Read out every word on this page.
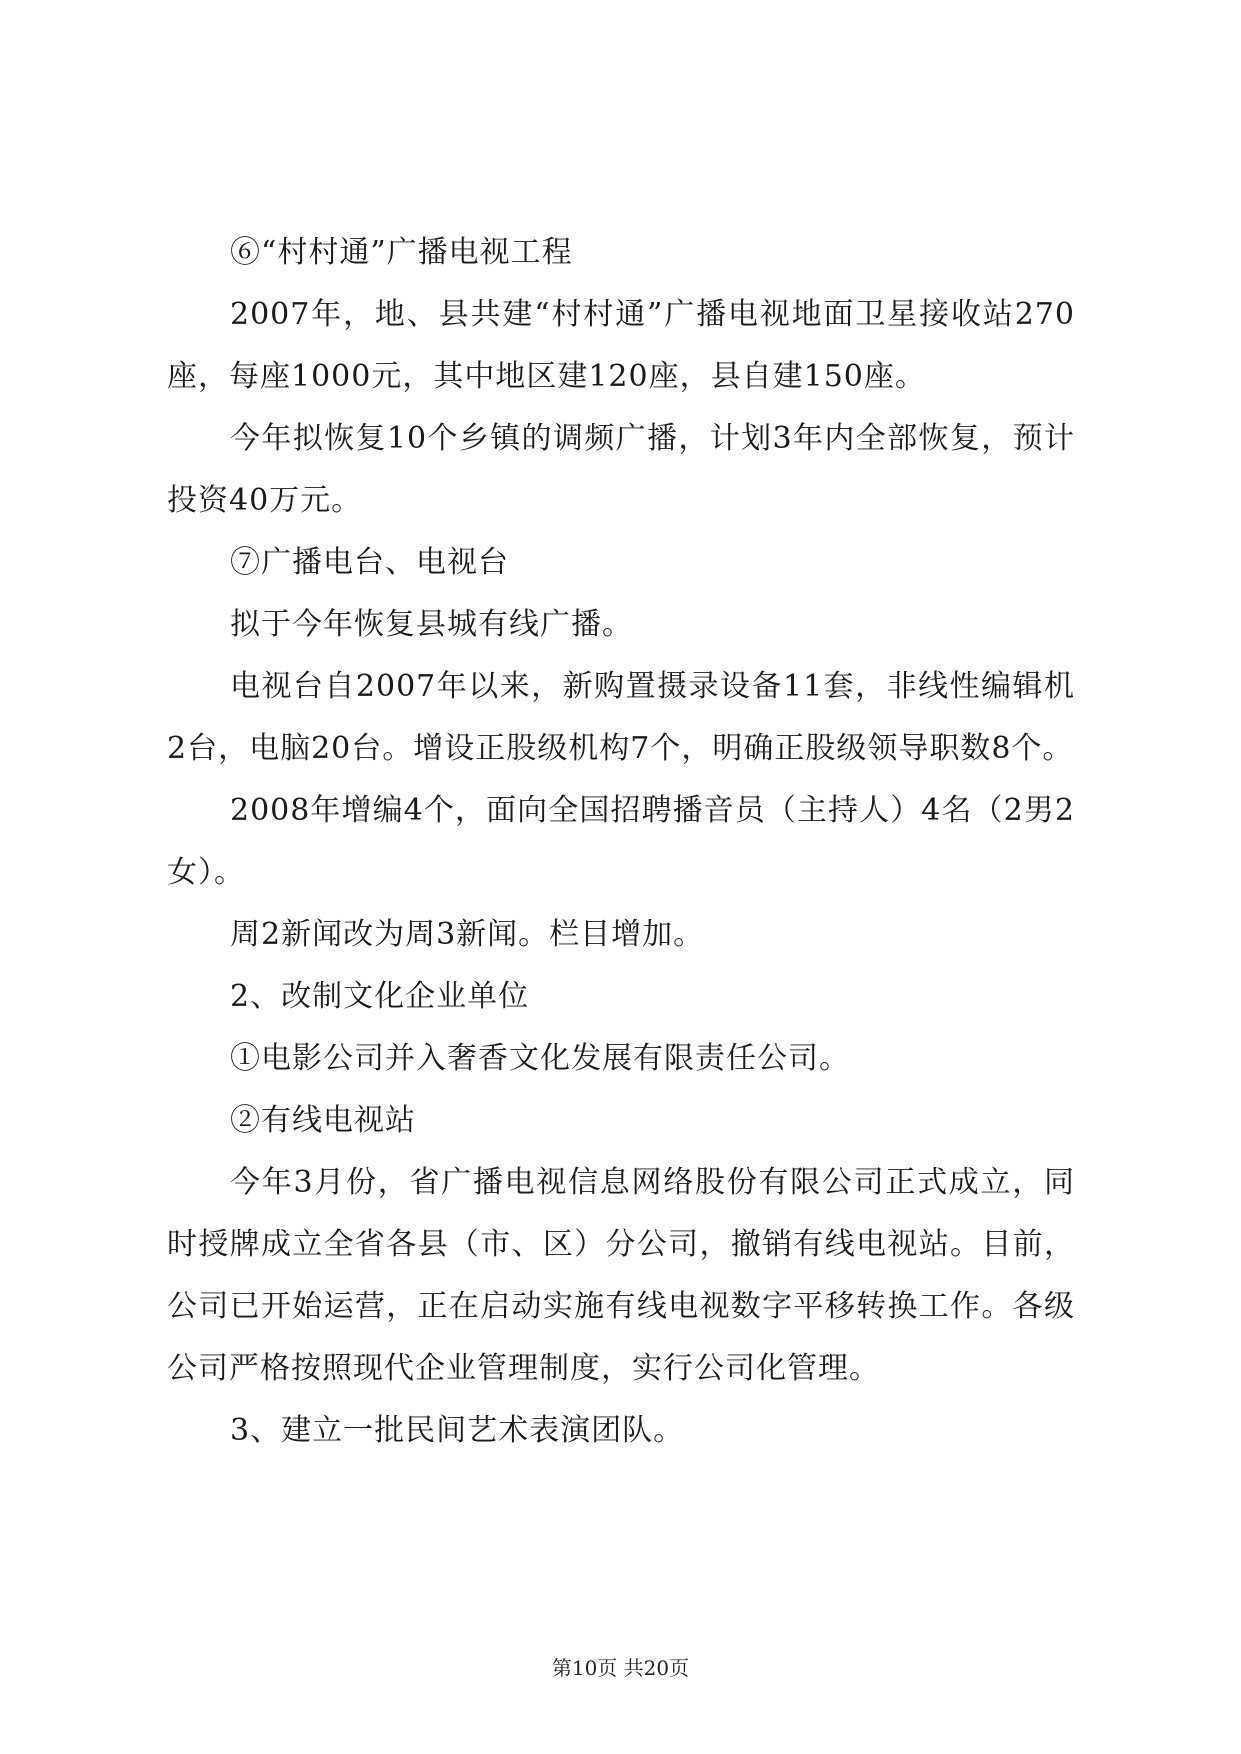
⑥“村村通”广播电视工程

2007年，地、县共建“村村通”广播电视地面卫星接收站270座，每座1000元，其中地区建120座，县自建150座。

今年拟恢复10个乡镇的调频广播，计划3年内全部恢复，预计投资40万元。

⑦广播电台、电视台

拟于今年恢复县城有线广播。

电视台自2007年以来，新购置摄录设备11套，非线性编辑机2台，电脑20台。增设正股级机构7个，明确正股级领导职数8个。

2008年增编4个，面向全国招聘播音员（主持人）4名（2男2女）。

周2新闻改为周3新闻。栏目增加。

2、改制文化企业单位

①电影公司并入奢香文化发展有限责任公司。

②有线电视站

今年3月份，省广播电视信息网络股份有限公司正式成立，同时授牌成立全省各县（市、区）分公司，撤销有线电视站。目前，公司已开始运营，正在启动实施有线电视数字平移转换工作。各级公司严格按照现代企业管理制度，实行公司化管理。

3、建立一批民间艺术表演团队。

第10页 共20页
